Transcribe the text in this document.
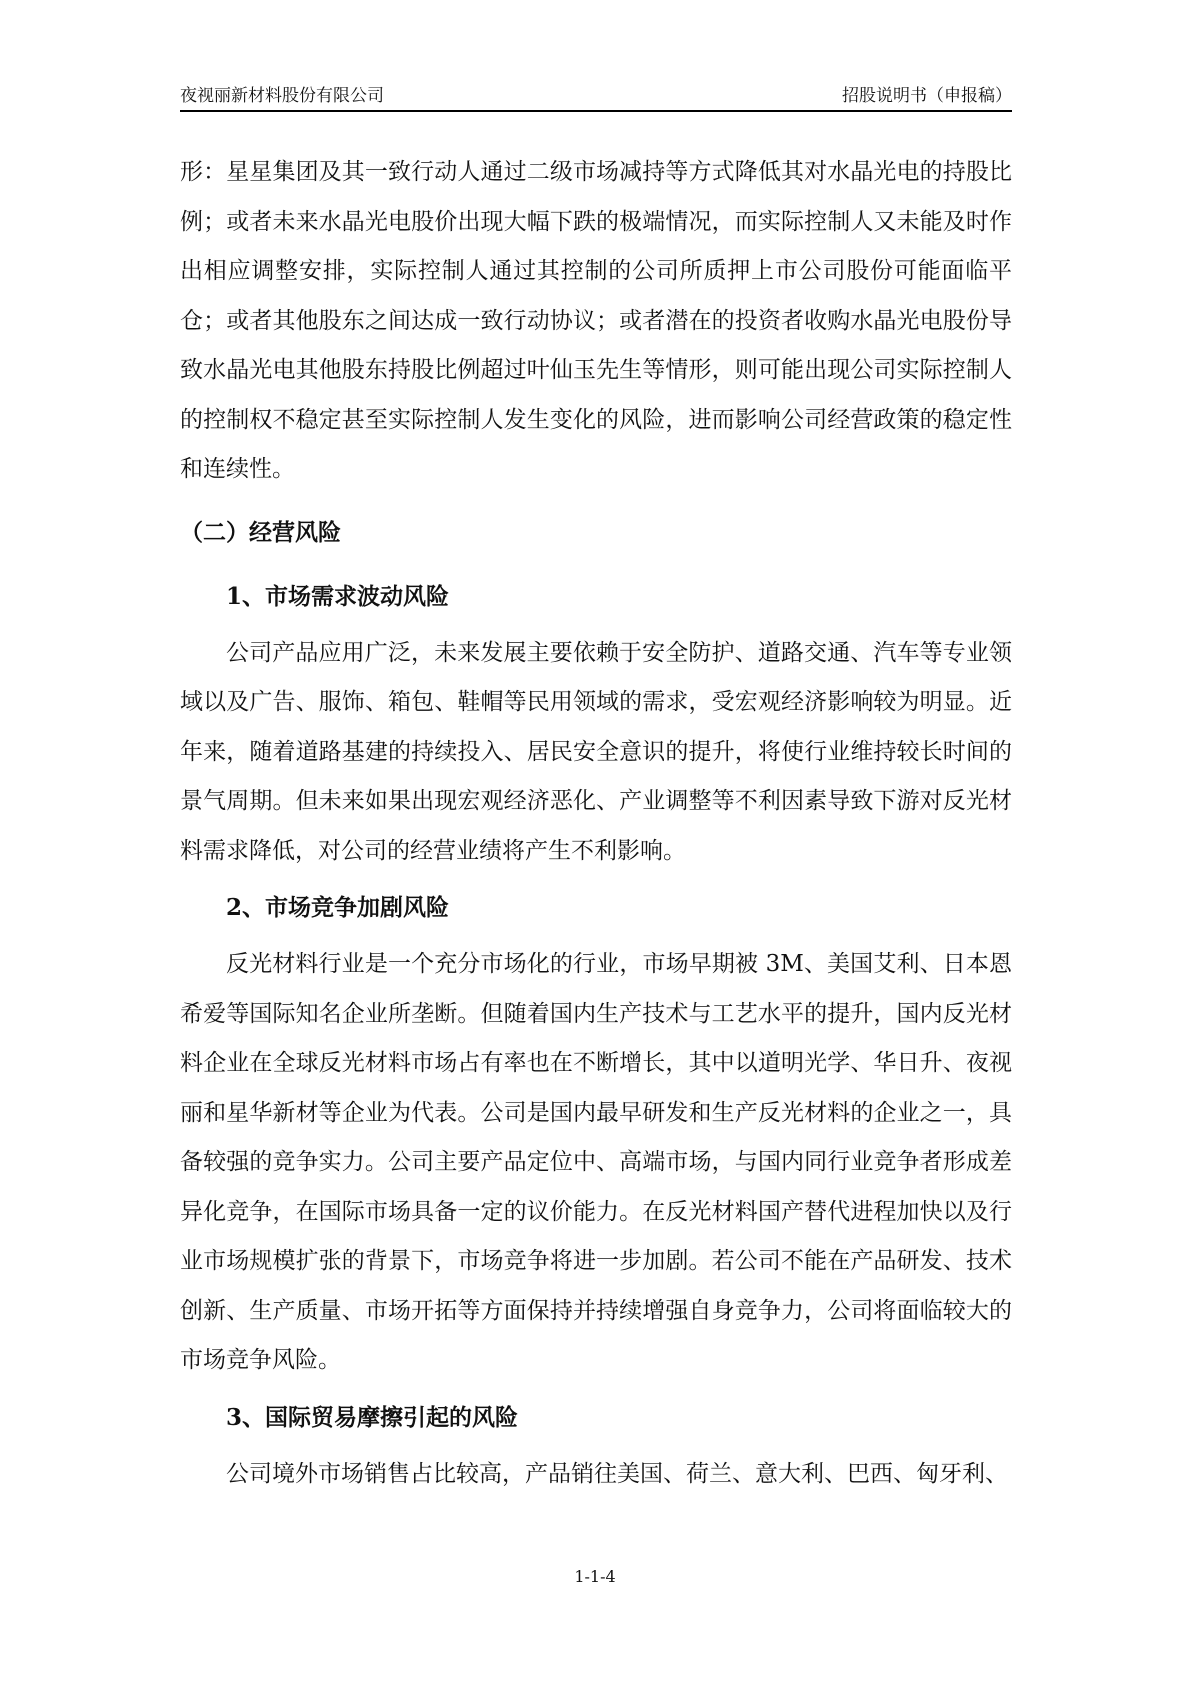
夜视丽新材料股份有限公司	招股说明书（申报稿）

形：星星集团及其一致行动人通过二级市场减持等方式降低其对水晶光电的持股比例；或者未来水晶光电股价出现大幅下跌的极端情况，而实际控制人又未能及时作出相应调整安排，实际控制人通过其控制的公司所质押上市公司股份可能面临平仓；或者其他股东之间达成一致行动协议；或者潜在的投资者收购水晶光电股份导致水晶光电其他股东持股比例超过叶仙玉先生等情形，则可能出现公司实际控制人的控制权不稳定甚至实际控制人发生变化的风险，进而影响公司经营政策的稳定性和连续性。

（二）经营风险
1、市场需求波动风险

公司产品应用广泛，未来发展主要依赖于安全防护、道路交通、汽车等专业领域以及广告、服饰、箱包、鞋帽等民用领域的需求，受宏观经济影响较为明显。近年来，随着道路基建的持续投入、居民安全意识的提升，将使行业维持较长时间的景气周期。但未来如果出现宏观经济恶化、产业调整等不利因素导致下游对反光材料需求降低，对公司的经营业绩将产生不利影响。

2、市场竞争加剧风险

反光材料行业是一个充分市场化的行业，市场早期被 3M、美国艾利、日本恩希爱等国际知名企业所垄断。但随着国内生产技术与工艺水平的提升，国内反光材料企业在全球反光材料市场占有率也在不断增长，其中以道明光学、华日升、夜视丽和星华新材等企业为代表。公司是国内最早研发和生产反光材料的企业之一，具备较强的竞争实力。公司主要产品定位中、高端市场，与国内同行业竞争者形成差异化竞争，在国际市场具备一定的议价能力。在反光材料国产替代进程加快以及行业市场规模扩张的背景下，市场竞争将进一步加剧。若公司不能在产品研发、技术创新、生产质量、市场开拓等方面保持并持续增强自身竞争力，公司将面临较大的市场竞争风险。

3、国际贸易摩擦引起的风险

公司境外市场销售占比较高，产品销往美国、荷兰、意大利、巴西、匈牙利、

1-1-4
